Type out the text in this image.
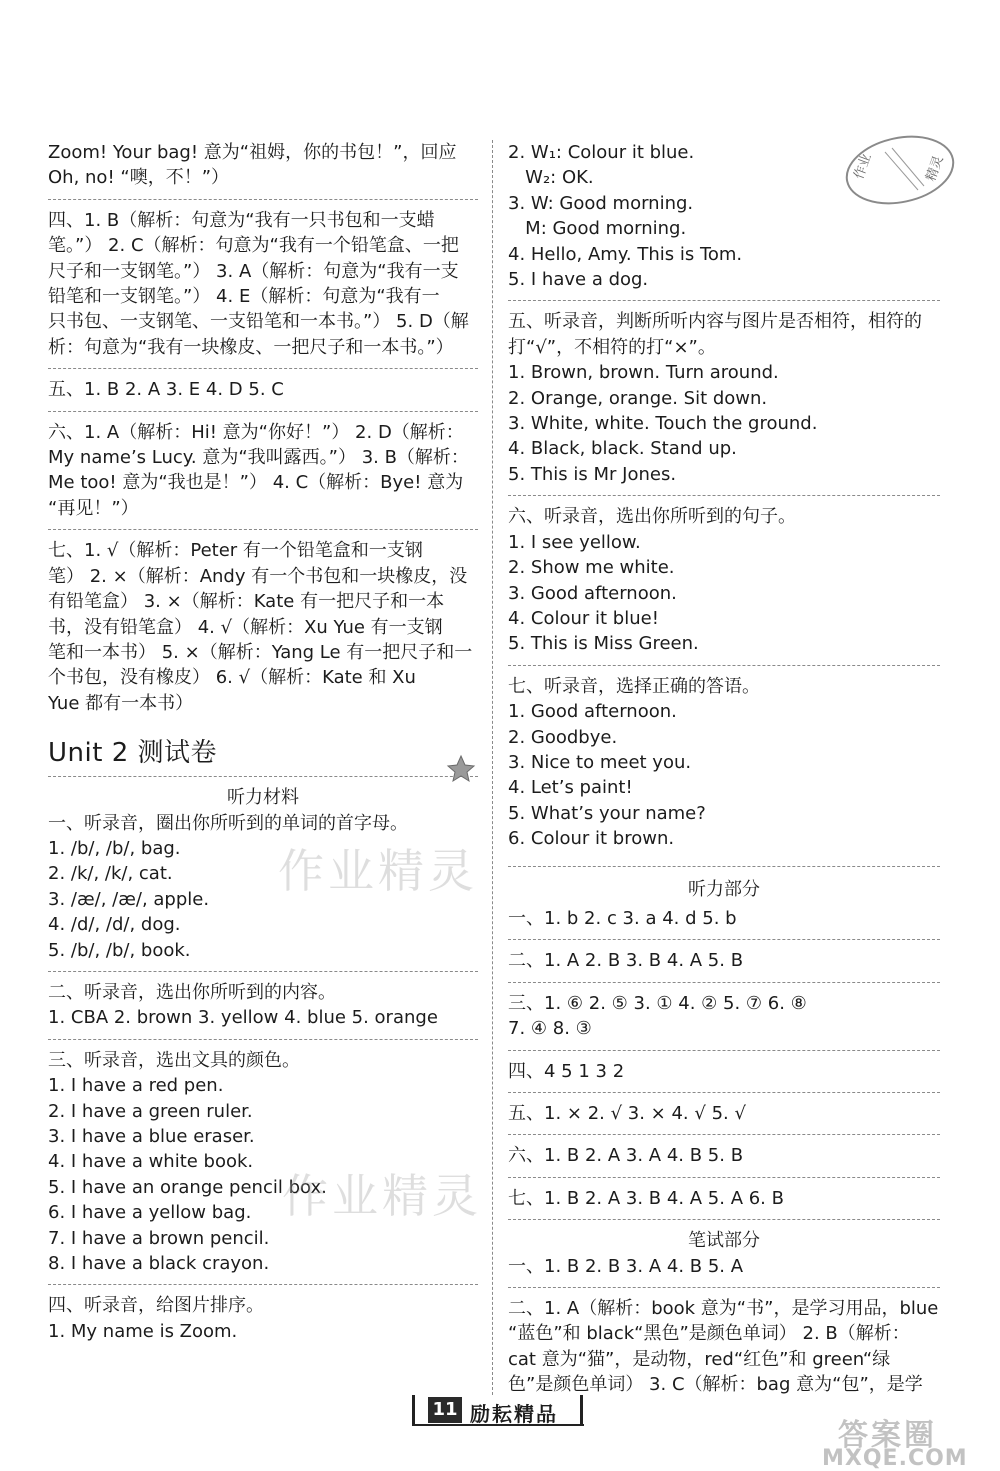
Zoom! Your bag! 意为“祖姆，你的书包！”，回应

Oh, no! “噢，不！”）

四、1. B（解析：句意为“我有一只书包和一支蜡

笔。”） 2. C（解析：句意为“我有一个铅笔盒、一把

尺子和一支钢笔。”） 3. A（解析：句意为“我有一支

铅笔和一支钢笔。”） 4. E（解析：句意为“我有一

只书包、一支钢笔、一支铅笔和一本书。”） 5. D（解

析：句意为“我有一块橡皮、一把尺子和一本书。”）

五、1. B 2. A 3. E 4. D 5. C

六、1. A（解析：Hi! 意为“你好！”） 2. D（解析：

My name’s Lucy. 意为“我叫露西。”） 3. B（解析：

Me too! 意为“我也是！”） 4. C（解析：Bye! 意为

“再见！”）

七、1. √（解析：Peter 有一个铅笔盒和一支钢

笔） 2. ×（解析：Andy 有一个书包和一块橡皮，没

有铅笔盒） 3. ×（解析：Kate 有一把尺子和一本

书，没有铅笔盒） 4. √（解析：Xu Yue 有一支钢

笔和一本书） 5. ×（解析：Yang Le 有一把尺子和一

个书包，没有橡皮） 6. √（解析：Kate 和 Xu

Yue 都有一本书）

Unit 2 测试卷

听力材料

一、听录音，圈出你所听到的单词的首字母。

1. /b/, /b/, bag.

2. /k/, /k/, cat.

3. /æ/, /æ/, apple.

4. /d/, /d/, dog.

5. /b/, /b/, book.

二、听录音，选出你所听到的内容。

1. CBA 2. brown 3. yellow 4. blue 5. orange

三、听录音，选出文具的颜色。

1. I have a red pen.

2. I have a green ruler.

3. I have a blue eraser.

4. I have a white book.

5. I have an orange pencil box.

6. I have a yellow bag.

7. I have a brown pencil.

8. I have a black crayon.

四、听录音，给图片排序。

1. My name is Zoom.

2. W₁: Colour it blue.

W₂: OK.

3. W: Good morning.

M: Good morning.

4. Hello, Amy. This is Tom.

5. I have a dog.

五、听录音，判断所听内容与图片是否相符，相符的

打“√”，不相符的打“×”。

1. Brown, brown. Turn around.

2. Orange, orange. Sit down.

3. White, white. Touch the ground.

4. Black, black. Stand up.

5. This is Mr Jones.

六、听录音，选出你所听到的句子。

1. I see yellow.

2. Show me white.

3. Good afternoon.

4. Colour it blue!

5. This is Miss Green.

七、听录音，选择正确的答语。

1. Good afternoon.

2. Goodbye.

3. Nice to meet you.

4. Let’s paint!

5. What’s your name?

6. Colour it brown.

听力部分

一、1. b 2. c 3. a 4. d 5. b

二、1. A 2. B 3. B 4. A 5. B

三、1. ⑥ 2. ⑤ 3. ① 4. ② 5. ⑦ 6. ⑧

7. ④ 8. ③

四、4 5 1 3 2

五、1. × 2. √ 3. × 4. √ 5. √

六、1. B 2. A 3. A 4. B 5. B

七、1. B 2. A 3. B 4. A 5. A 6. B

笔试部分

一、1. B 2. B 3. A 4. B 5. A

二、1. A（解析：book 意为“书”，是学习用品，blue

“蓝色”和 black“黑色”是颜色单词） 2. B（解析：

cat 意为“猫”，是动物，red“红色”和 green“绿

色”是颜色单词） 3. C（解析：bag 意为“包”，是学

作业	精灵
作业精灵
作业精灵
11 励耘精品
答案圈
MXQE.COM
